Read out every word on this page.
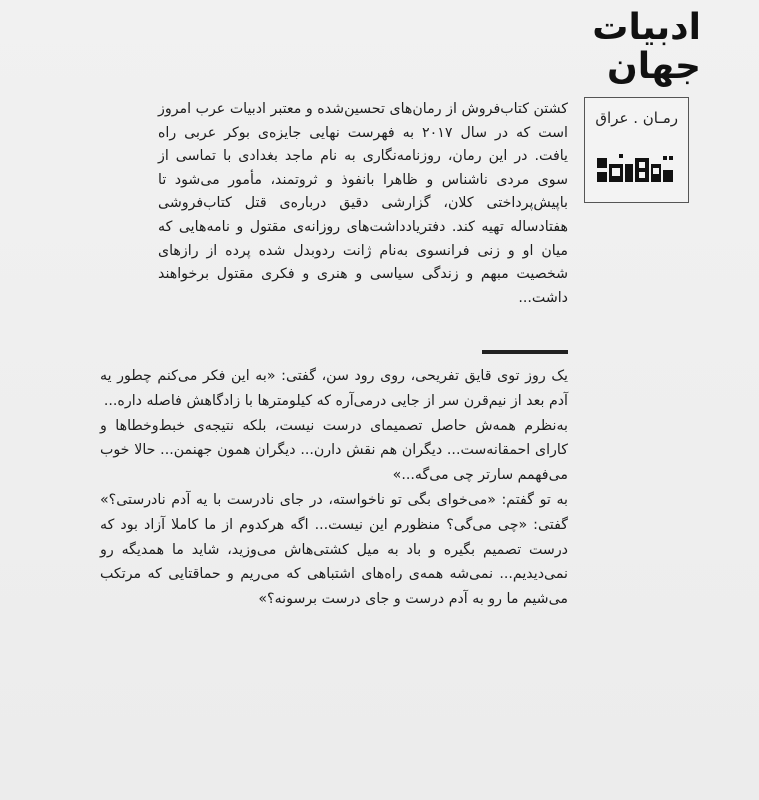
ادبیات
جهان
رمـان . عراق

کشتن کتاب‌فروش از رمان‌های تحسین‌شده و معتبر ادبیات عرب امروز است که در سال ۲۰۱۷ به فهرست نهایی جایزه‌ی بوکر عربی راه یافت. در این رمان، روزنامه‌نگاری به نام ماجد بغدادی با تماسی از سوی مردی ناشناس و ظاهرا بانفوذ و ثروتمند، مأمور می‌شود تا باپیش‌پرداختی کلان، گزارشی دقیق درباره‌ی قتل کتاب‌فروشی هفتادساله تهیه کند. دفتریادداشت‌های روزانه‌ی مقتول و نامه‌هایی که میان او و زنی فرانسوی به‌نام ژانت ردوبدل شده پرده از رازهای شخصیت مبهم و زندگی سیاسی و هنری و فکری مقتول برخواهند داشت...

یک روز توی قایق تفریحی، روی رود سن، گفتی: «به این فکر می‌کنم چطور یه آدم بعد از نیم‌قرن سر از جایی درمی‌آره که کیلومترها با زادگاهش فاصله داره...

به‌نظرم همه‌ش حاصل تصمیمای درست نیست، بلکه نتیجه‌ی خبط‌وخطاها و کارای احمقانه‌ست... دیگران هم نقش دارن... دیگران همون جهنمن... حالا خوب می‌فهمم سارتر چی می‌گه...»

به تو گفتم: «می‌خوای بگی تو ناخواسته، در جای نادرست با یه آدم نادرستی؟» گفتی: «چی می‌گی؟ منظورم این نیست... اگه هرکدوم از ما کاملا آزاد بود که درست تصمیم بگیره و باد به میل کشتی‌هاش می‌وزید، شاید ما همدیگه رو نمی‌دیدیم... نمی‌شه همه‌ی راه‌های اشتباهی که می‌ریم و حماقتایی که مرتکب می‌شیم ما رو به آدم درست و جای درست برسونه؟»
